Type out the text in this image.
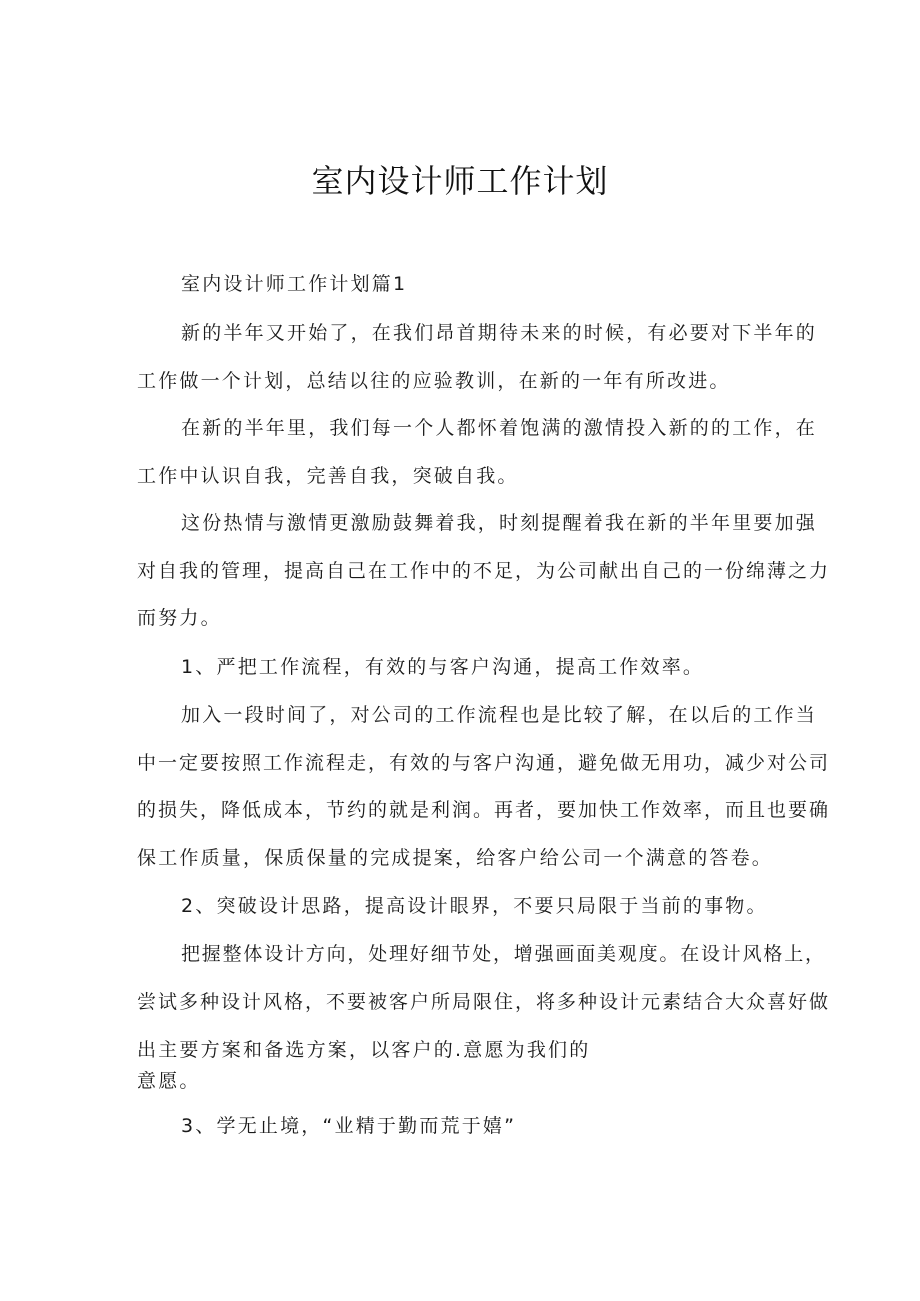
室内设计师工作计划
室内设计师工作计划篇1
新的半年又开始了，在我们昂首期待未来的时候，有必要对下半年的
工作做一个计划，总结以往的应验教训，在新的一年有所改进。
在新的半年里，我们每一个人都怀着饱满的激情投入新的的工作，在
工作中认识自我，完善自我，突破自我。
这份热情与激情更激励鼓舞着我，时刻提醒着我在新的半年里要加强
对自我的管理，提高自己在工作中的不足，为公司献出自己的一份绵薄之力
而努力。
1、严把工作流程，有效的与客户沟通，提高工作效率。
加入一段时间了，对公司的工作流程也是比较了解，在以后的工作当
中一定要按照工作流程走，有效的与客户沟通，避免做无用功，减少对公司
的损失，降低成本，节约的就是利润。再者，要加快工作效率，而且也要确
保工作质量，保质保量的完成提案，给客户给公司一个满意的答卷。
2、突破设计思路，提高设计眼界，不要只局限于当前的事物。
把握整体设计方向，处理好细节处，增强画面美观度。在设计风格上，
尝试多种设计风格，不要被客户所局限住，将多种设计元素结合大众喜好做
出主要方案和备选方案，以客户的.意愿为我们的
意愿。
3、学无止境，“业精于勤而荒于嬉”
